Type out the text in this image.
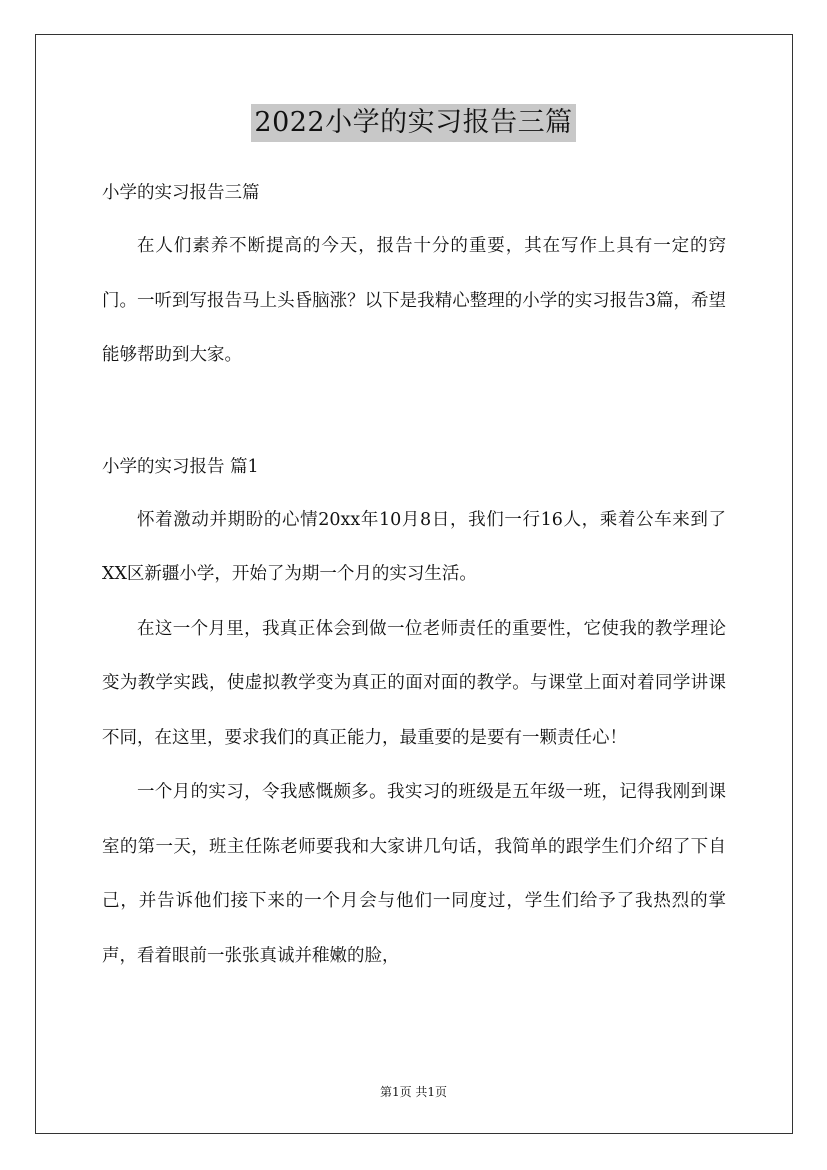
2022小学的实习报告三篇

小学的实习报告三篇

在人们素养不断提高的今天，报告十分的重要，其在写作上具有一定的窍门。一听到写报告马上头昏脑涨？以下是我精心整理的小学的实习报告3篇，希望能够帮助到大家。

小学的实习报告 篇1

怀着激动并期盼的心情20xx年10月8日，我们一行16人，乘着公车来到了XX区新疆小学，开始了为期一个月的实习生活。

在这一个月里，我真正体会到做一位老师责任的重要性，它使我的教学理论变为教学实践，使虚拟教学变为真正的面对面的教学。与课堂上面对着同学讲课不同，在这里，要求我们的真正能力，最重要的是要有一颗责任心！

一个月的实习，令我感慨颇多。我实习的班级是五年级一班，记得我刚到课室的第一天，班主任陈老师要我和大家讲几句话，我简单的跟学生们介绍了下自己，并告诉他们接下来的一个月会与他们一同度过，学生们给予了我热烈的掌声，看着眼前一张张真诚并稚嫩的脸，

第1页 共1页
